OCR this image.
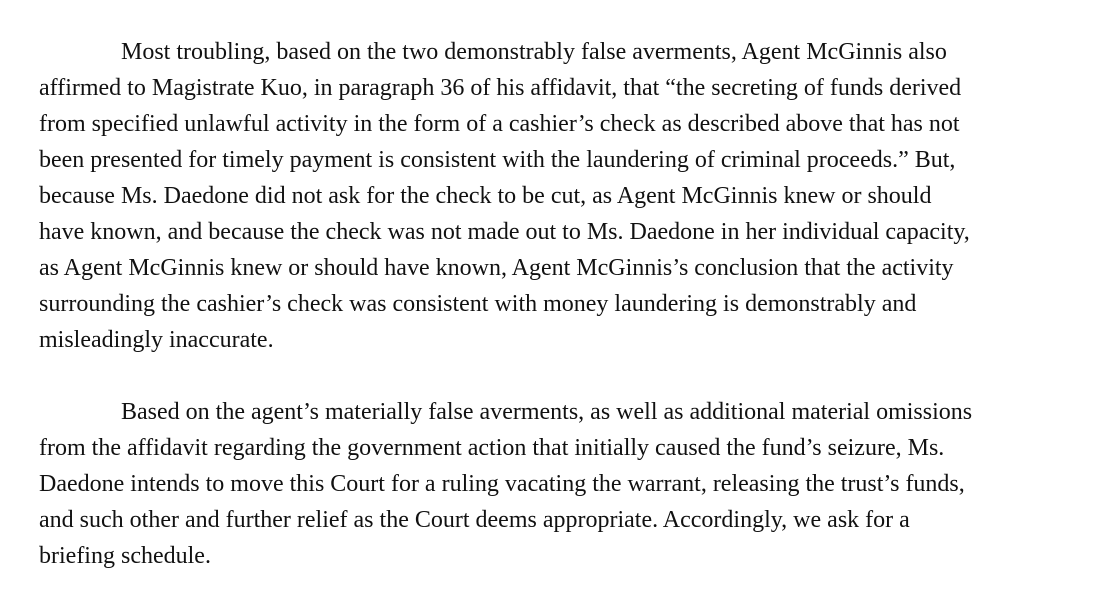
Most troubling, based on the two demonstrably false averments, Agent McGinnis also
affirmed to Magistrate Kuo, in paragraph 36 of his affidavit, that “the secreting of funds derived
from specified unlawful activity in the form of a cashier’s check as described above that has not
been presented for timely payment is consistent with the laundering of criminal proceeds.” But,
because Ms. Daedone did not ask for the check to be cut, as Agent McGinnis knew or should
have known, and because the check was not made out to Ms. Daedone in her individual capacity,
as Agent McGinnis knew or should have known, Agent McGinnis’s conclusion that the activity
surrounding the cashier’s check was consistent with money laundering is demonstrably and
misleadingly inaccurate.

Based on the agent’s materially false averments, as well as additional material omissions
from the affidavit regarding the government action that initially caused the fund’s seizure, Ms.
Daedone intends to move this Court for a ruling vacating the warrant, releasing the trust’s funds,
and such other and further relief as the Court deems appropriate. Accordingly, we ask for a
briefing schedule.
